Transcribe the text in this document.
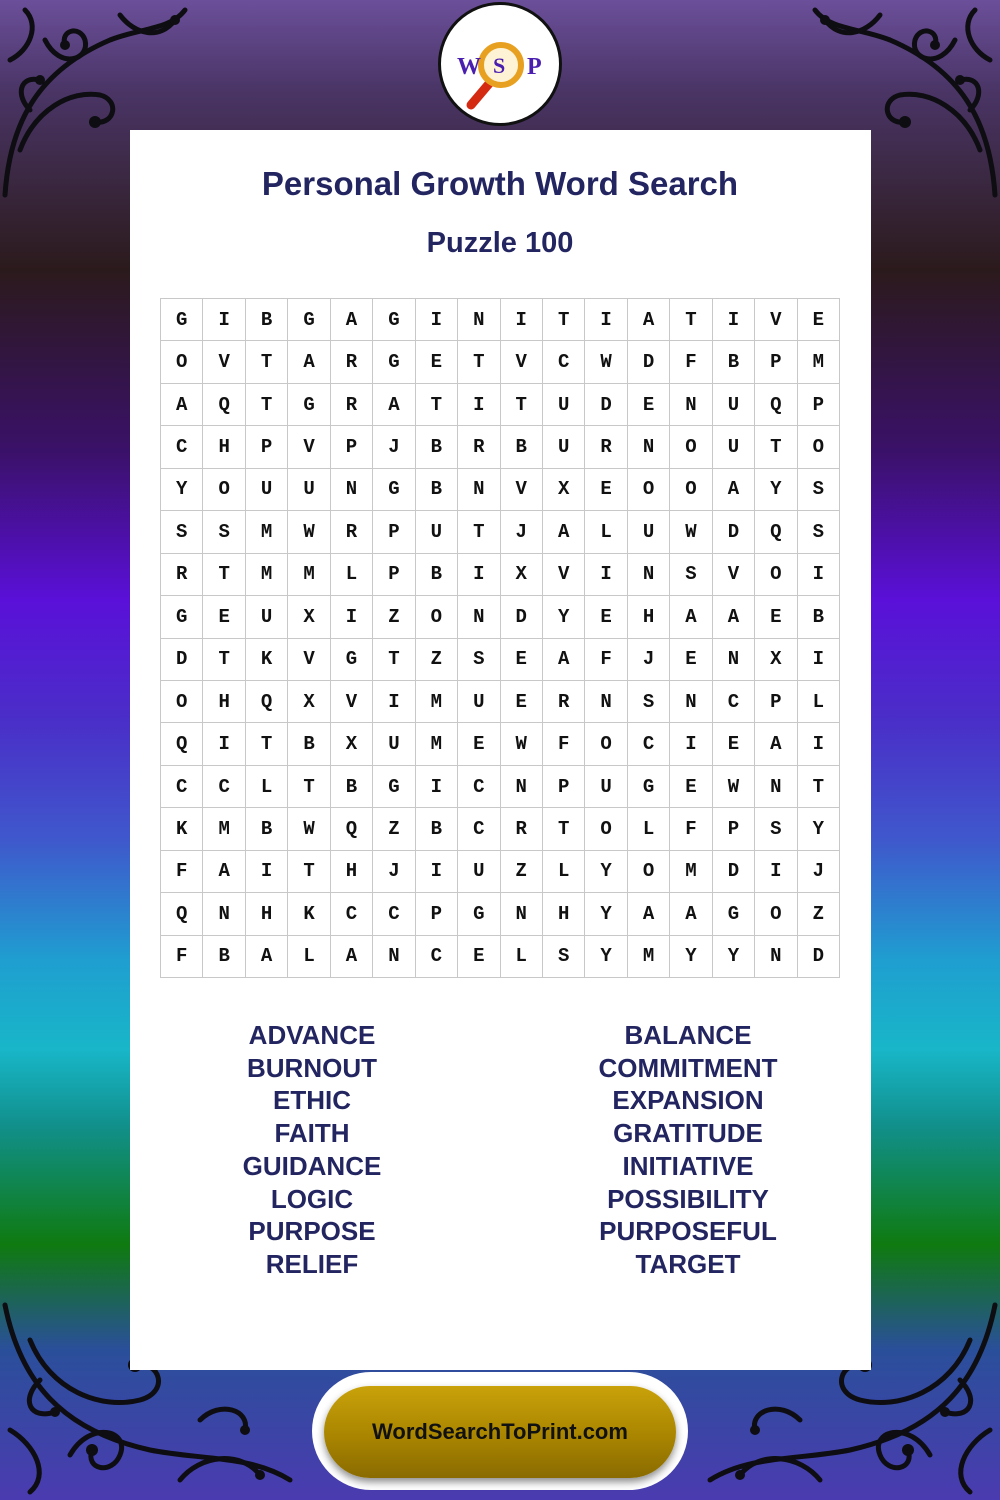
W S P
Personal Growth Word Search
Puzzle 100
G	I	B	G	A	G	I	N	I	T	I	A	T	I	V	E
O	V	T	A	R	G	E	T	V	C	W	D	F	B	P	M
A	Q	T	G	R	A	T	I	T	U	D	E	N	U	Q	P
C	H	P	V	P	J	B	R	B	U	R	N	O	U	T	O
Y	O	U	U	N	G	B	N	V	X	E	O	O	A	Y	S
S	S	M	W	R	P	U	T	J	A	L	U	W	D	Q	S
R	T	M	M	L	P	B	I	X	V	I	N	S	V	O	I
G	E	U	X	I	Z	O	N	D	Y	E	H	A	A	E	B
D	T	K	V	G	T	Z	S	E	A	F	J	E	N	X	I
O	H	Q	X	V	I	M	U	E	R	N	S	N	C	P	L
Q	I	T	B	X	U	M	E	W	F	O	C	I	E	A	I
C	C	L	T	B	G	I	C	N	P	U	G	E	W	N	T
K	M	B	W	Q	Z	B	C	R	T	O	L	F	P	S	Y
F	A	I	T	H	J	I	U	Z	L	Y	O	M	D	I	J
Q	N	H	K	C	C	P	G	N	H	Y	A	A	G	O	Z
F	B	A	L	A	N	C	E	L	S	Y	M	Y	Y	N	D
ADVANCE
BURNOUT
ETHIC
FAITH
GUIDANCE
LOGIC
PURPOSE
RELIEF
BALANCE
COMMITMENT
EXPANSION
GRATITUDE
INITIATIVE
POSSIBILITY
PURPOSEFUL
TARGET
WordSearchToPrint.com
